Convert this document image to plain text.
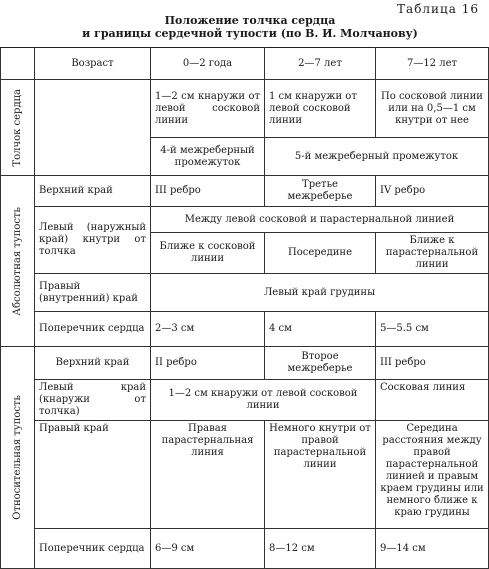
Таблица 16
Положение толчка сердца
и границы сердечной тупости (по В. И. Молчанову)
	Возраст	0—2 года	2—7 лет	7—12 лет

Толчок сердца		1—2 см кнаружи от левой сосковой линии	1 см кнаружи от левой сосковой линии	По сосковой линии или на 0,5—1 см кнутри от нее
		4-й межреберный промежуток	5-й межреберный промежуток	

Абсолютная тупость	Верхний край	III ребро	Третье межреберье	IV ребро
	Левый (наружный край) кнутри от толчка	Между левой сосковой и парастернальной линией		
		Ближе к сосковой линии	Посередине	Ближе к парастернальной линии
	Правый (внутренний) край	Левый край грудины		
	Поперечник сердца	2—3 см	4 см	5—5.5 см

Относительная тупость	Верхний край	II ребро	Второе межреберье	III ребро
	Левый край (кнаружи от толчка)	1—2 см кнаружи от левой сосковой линии		Сосковая линия
	Правый край	Правая парастернальная линия	Немного кнутри от правой парастернальной линии	Середина расстояния между правой парастернальной линией и правым краем грудины или немного ближе к краю грудины
	Поперечник сердца	6—9 см	8—12 см	9—14 см
